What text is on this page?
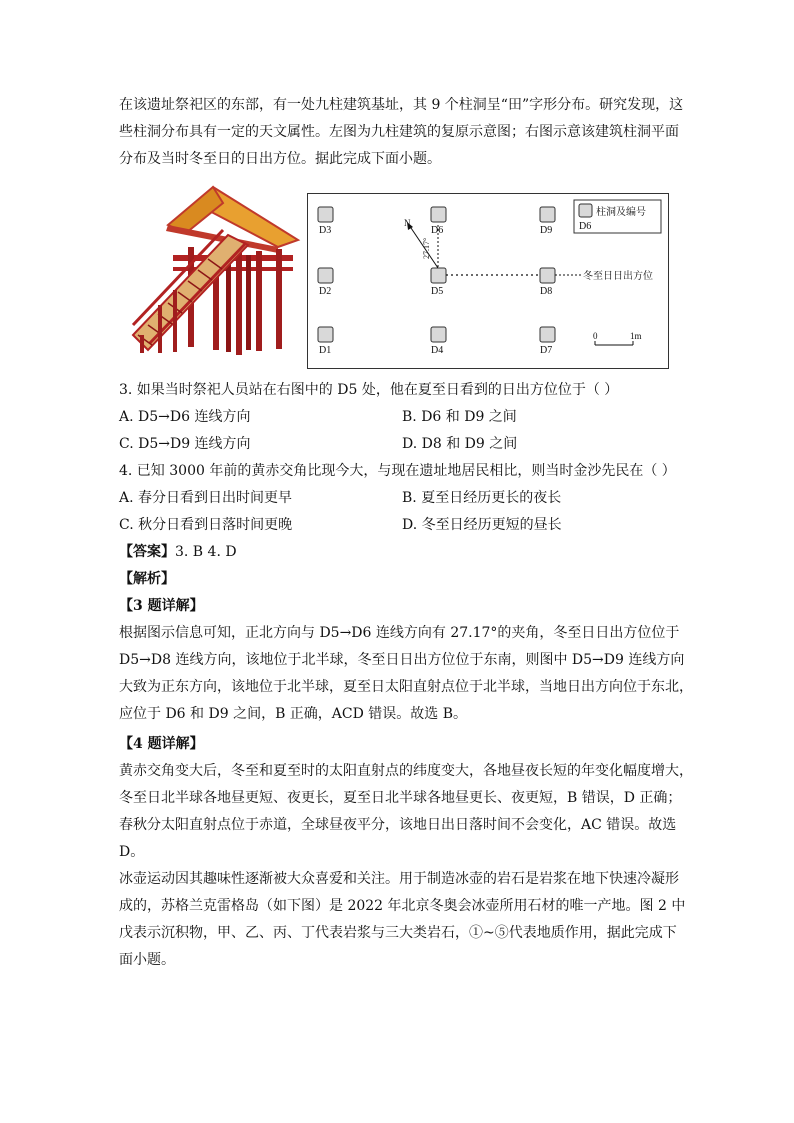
在该遗址祭祀区的东部，有一处九柱建筑基址，其 9 个柱洞呈“田”字形分布。研究发现，这
些柱洞分布具有一定的天文属性。左图为九柱建筑的复原示意图；右图示意该建筑柱洞平面
分布及当时冬至日的日出方位。据此完成下面小题。
D3	D6	D9
D2	D5	D8
D1	D4	D7
N
27.17°
冬至日日出方位
柱洞及编号
D6
0	1m
3. 如果当时祭祀人员站在右图中的 D5 处，他在夏至日看到的日出方位位于（ ）
A. D5→D6 连线方向	B. D6 和 D9 之间
C. D5→D9 连线方向	D. D8 和 D9 之间
4. 已知 3000 年前的黄赤交角比现今大，与现在遗址地居民相比，则当时金沙先民在（ ）
A. 春分日看到日出时间更早	B. 夏至日经历更长的夜长
C. 秋分日看到日落时间更晚	D. 冬至日经历更短的昼长
【答案】3. B 4. D
【解析】
【3 题详解】
根据图示信息可知，正北方向与 D5→D6 连线方向有 27.17°的夹角，冬至日日出方位位于
D5→D8 连线方向，该地位于北半球，冬至日日出方位位于东南，则图中 D5→D9 连线方向
大致为正东方向，该地位于北半球，夏至日太阳直射点位于北半球，当地日出方向位于东北，
应位于 D6 和 D9 之间，B 正确，ACD 错误。故选 B。
【4 题详解】
黄赤交角变大后，冬至和夏至时的太阳直射点的纬度变大，各地昼夜长短的年变化幅度增大，
冬至日北半球各地昼更短、夜更长，夏至日北半球各地昼更长、夜更短，B 错误，D 正确；
春秋分太阳直射点位于赤道，全球昼夜平分，该地日出日落时间不会变化，AC 错误。故选
D。
冰壶运动因其趣味性逐渐被大众喜爱和关注。用于制造冰壶的岩石是岩浆在地下快速冷凝形
成的，苏格兰克雷格岛（如下图）是 2022 年北京冬奥会冰壶所用石材的唯一产地。图 2 中
戊表示沉积物，甲、乙、丙、丁代表岩浆与三大类岩石，①~⑤代表地质作用，据此完成下
面小题。
